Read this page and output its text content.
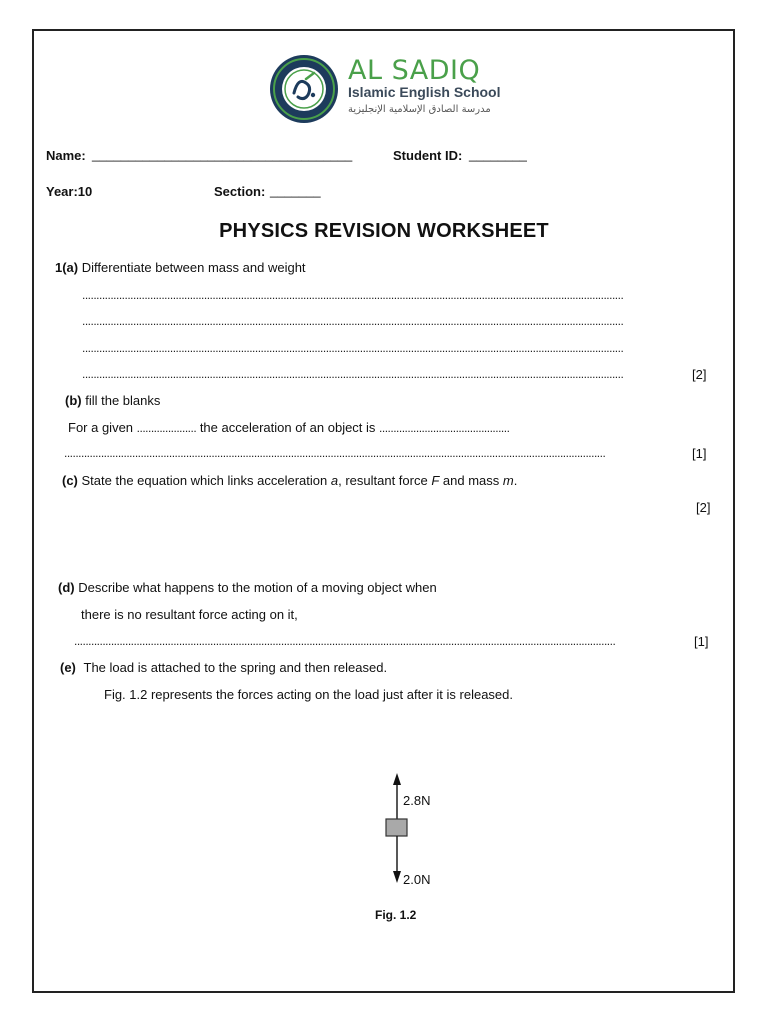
AL SADIQ
Islamic English School
مدرسة الصادق الإسلامية الإنجليزية
Name: ____________________________________	Student ID: ________
Year:10	Section: _______
PHYSICS REVISION WORKSHEET
1(a) Differentiate between mass and weight
...............................................................................................................................................................................................
...............................................................................................................................................................................................
...............................................................................................................................................................................................
...............................................................................................................................................................................................	[2]
(b) fill the blanks
For a given ..................... the acceleration of an object is ..............................................
...............................................................................................................................................................................................	[1]
(c) State the equation which links acceleration a, resultant force F and mass m.
[2]
(d) Describe what happens to the motion of a moving object when
there is no resultant force acting on it,
...............................................................................................................................................................................................	[1]
(e) The load is attached to the spring and then released.
Fig. 1.2 represents the forces acting on the load just after it is released.
2.8N
2.0N
Fig. 1.2
